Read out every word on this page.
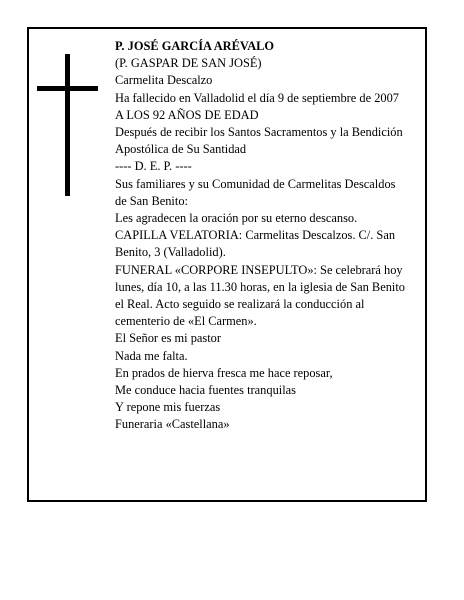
P. JOSÉ GARCÍA ARÉVALO
(P. GASPAR DE SAN JOSÉ)
Carmelita Descalzo
Ha fallecido en Valladolid el día 9 de septiembre de 2007
A LOS 92 AÑOS DE EDAD
Después de recibir los Santos Sacramentos y la Bendición Apostólica de Su Santidad
---- D. E. P. ----
Sus familiares y su Comunidad de Carmelitas Descaldos de San Benito:
Les agradecen la oración por su eterno descanso.
CAPILLA VELATORIA: Carmelitas Descalzos. C/. San Benito, 3 (Valladolid).
FUNERAL «CORPORE INSEPULTO»: Se celebrará hoy lunes, día 10, a las 11.30 horas, en la iglesia de San Benito el Real. Acto seguido se realizará la conducción al cementerio de «El Carmen».
El Señor es mi pastor
Nada me falta.
En prados de hierva fresca me hace reposar,
Me conduce hacia fuentes tranquilas
Y repone mis fuerzas
Funeraria «Castellana»
